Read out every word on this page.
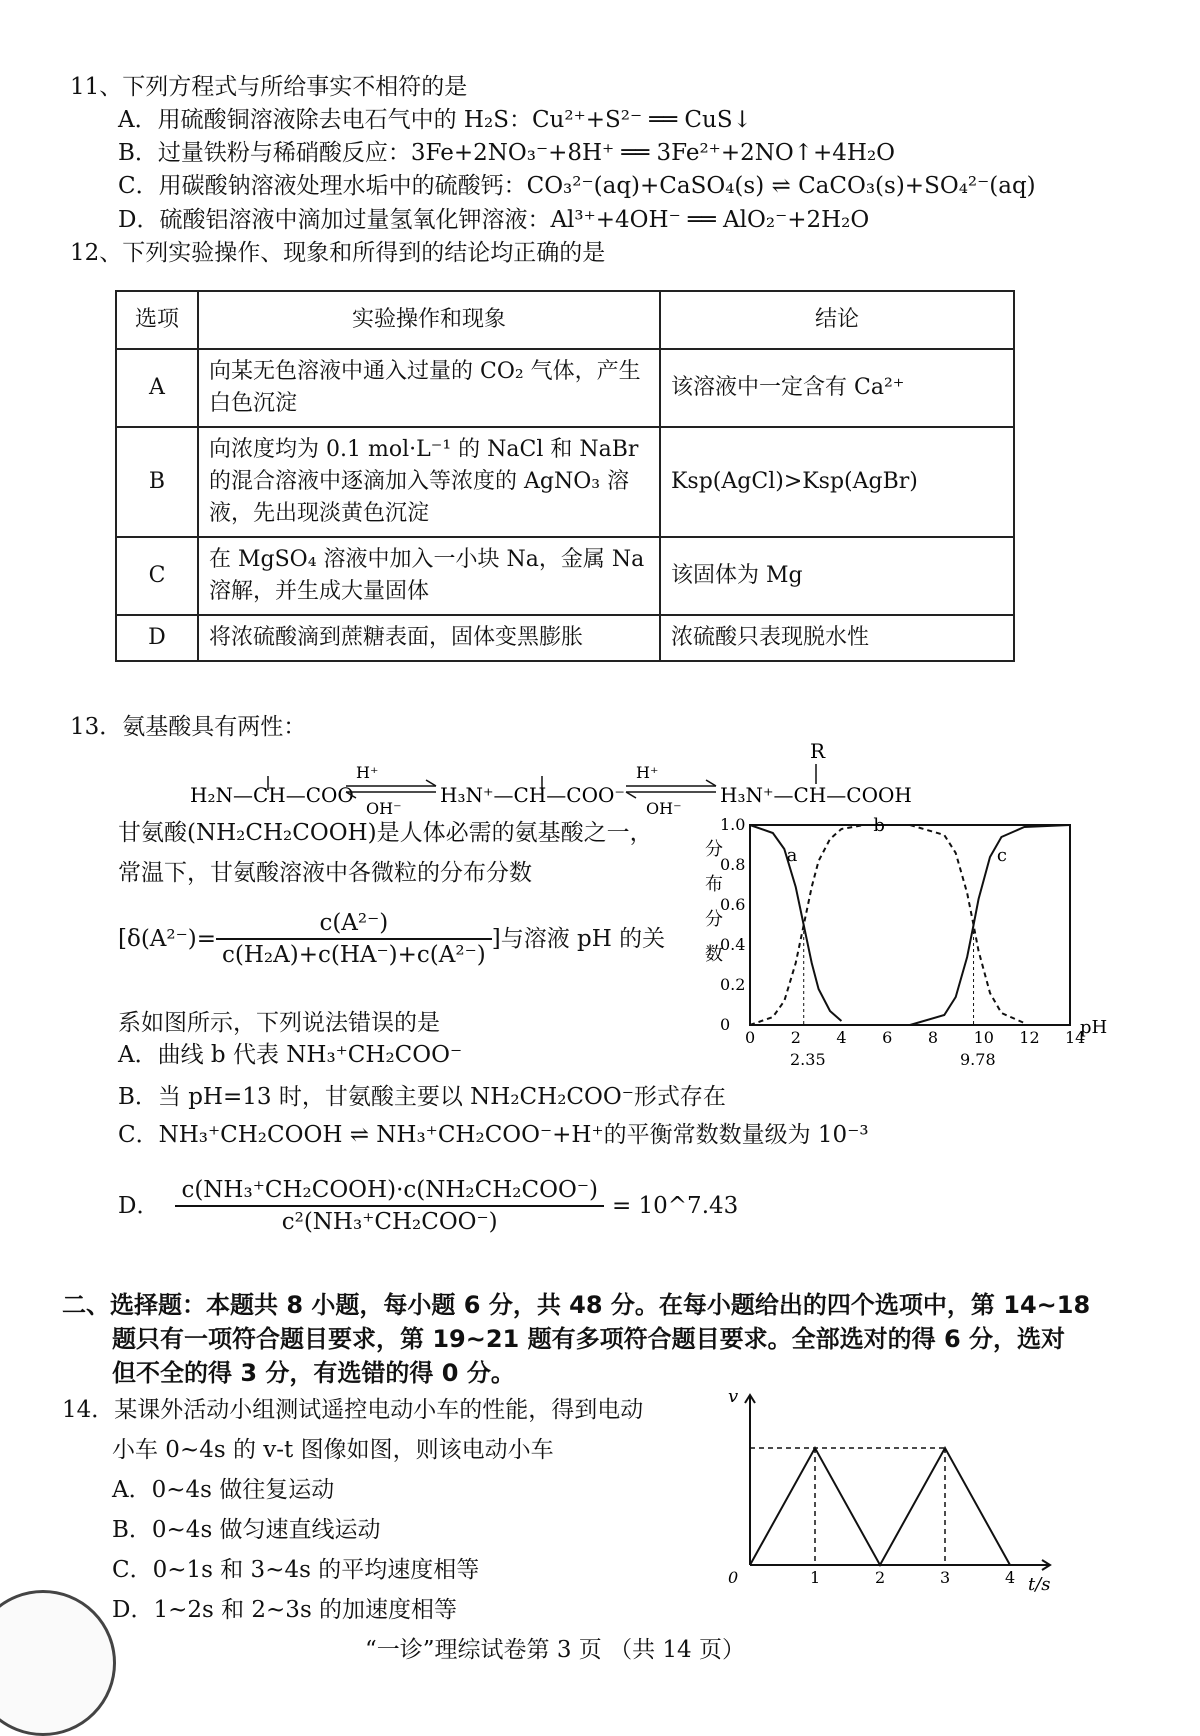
11、下列方程式与所给事实不相符的是
A．用硫酸铜溶液除去电石气中的 H₂S：Cu²⁺+S²⁻ ══ CuS↓
B．过量铁粉与稀硝酸反应：3Fe+2NO₃⁻+8H⁺ ══ 3Fe²⁺+2NO↑+4H₂O
C．用碳酸钠溶液处理水垢中的硫酸钙：CO₃²⁻(aq)+CaSO₄(s) ⇌ CaCO₃(s)+SO₄²⁻(aq)
D．硫酸铝溶液中滴加过量氢氧化钾溶液：Al³⁺+4OH⁻ ══ AlO₂⁻+2H₂O
12、下列实验操作、现象和所得到的结论均正确的是
选项	实验操作和现象	结论
A	向某无色溶液中通入过量的 CO₂ 气体，产生白色沉淀	该溶液中一定含有 Ca²⁺
B	向浓度均为 0.1 mol·L⁻¹ 的 NaCl 和 NaBr 的混合溶液中逐滴加入等浓度的 AgNO₃ 溶液，先出现淡黄色沉淀	Ksp(AgCl)>Ksp(AgBr)
C	在 MgSO₄ 溶液中加入一小块 Na，金属 Na 溶解，并生成大量固体	该固体为 Mg
D	将浓硫酸滴到蔗糖表面，固体变黑膨胀	浓硫酸只表现脱水性
13．氨基酸具有两性：
R
H₂N—CH—COO⁻
H⁺
OH⁻
H₃N⁺—CH—COO⁻
H⁺
OH⁻
H₃N⁺—CH—COOH
甘氨酸(NH₂CH₂COOH)是人体必需的氨基酸之一，
常温下，甘氨酸溶液中各微粒的分布分数
[$\delta(A^{2-})= \frac{\text{c(A²⁻)}}{\text{c(H₂A)+c(HA⁻)+c(A²⁻)}}$ ]与溶液 pH 的关
系如图所示，下列说法错误的是
A．曲线 b 代表 NH₃⁺CH₂COO⁻
B．当 pH=13 时，甘氨酸主要以 NH₂CH₂COO⁻形式存在
C．NH₃⁺CH₂COOH ⇌ NH₃⁺CH₂COO⁻+H⁺的平衡常数数量级为 10⁻³
D． $\frac{\text{c(NH₃⁺CH₂COOH)·c(NH₂CH₂COO⁻)}}{\text{c²(NH₃⁺CH₂COO⁻)}}$ = 10^7.43
0 2 4 6 8 10 12 14
0
0.2
0.4
0.6
0.8
1.0
a
b
c
分
布
分
数
pH
2.35	9.78
二、选择题：本题共 8 小题，每小题 6 分，共 48 分。在每小题给出的四个选项中，第 14~18
题只有一项符合题目要求，第 19~21 题有多项符合题目要求。全部选对的得 6 分，选对
但不全的得 3 分，有选错的得 0 分。
14．某课外活动小组测试遥控电动小车的性能，得到电动
小车 0~4s 的 v-t 图像如图，则该电动小车
A．0~4s 做往复运动
B．0~4s 做匀速直线运动
C．0~1s 和 3~4s 的平均速度相等
D．1~2s 和 2~3s 的加速度相等
v
t/s
0	1	2	3	4
“一诊”理综试卷第 3 页 （共 14 页）
